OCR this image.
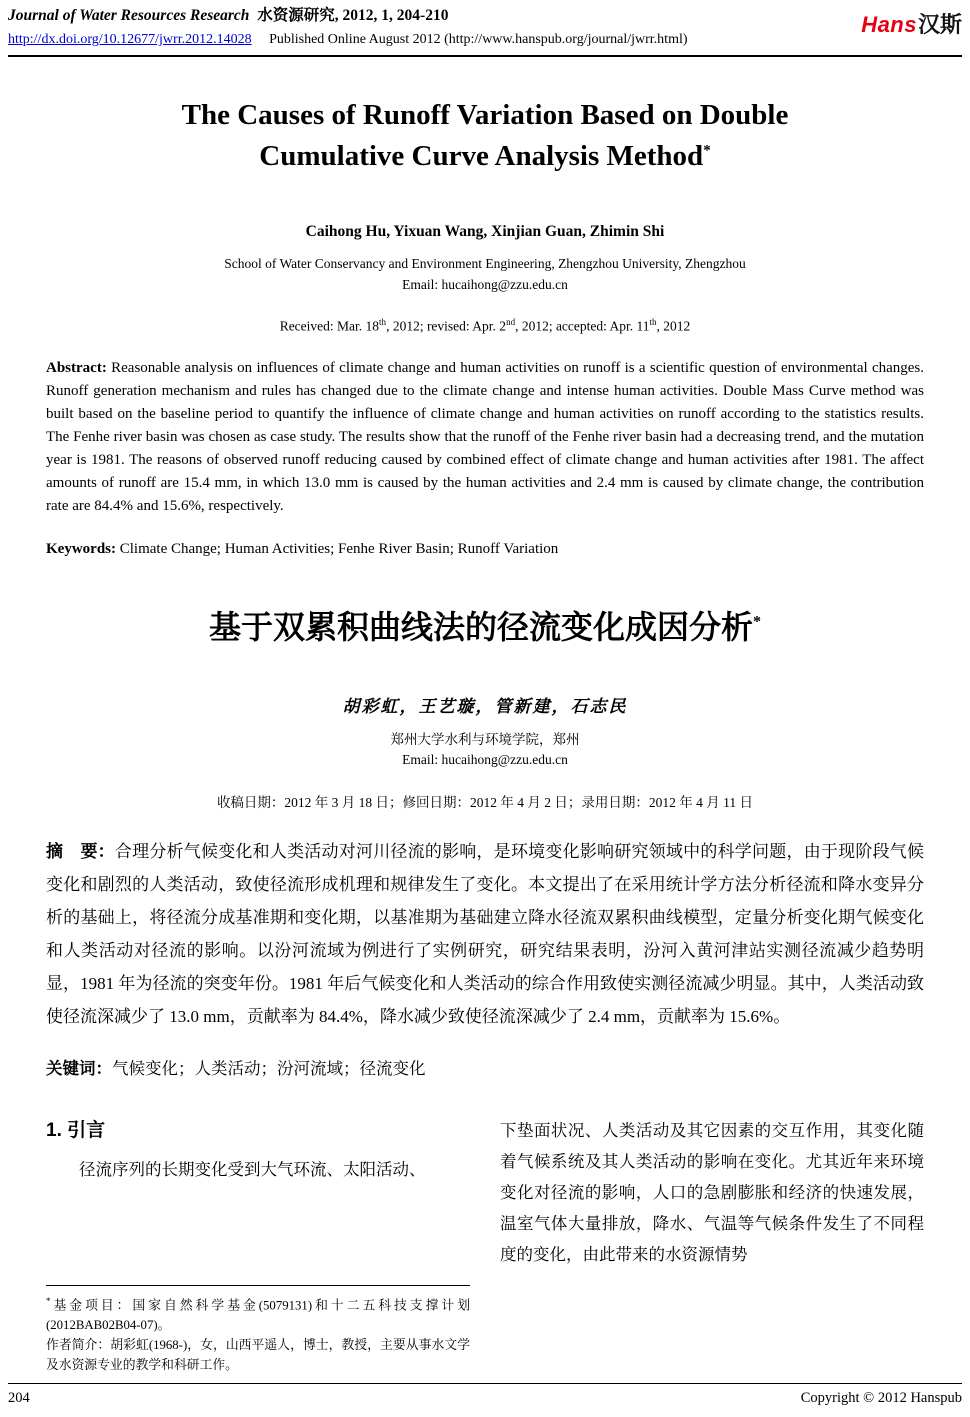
Journal of Water Resources Research 水资源研究, 2012, 1, 204-210
http://dx.doi.org/10.12677/jwrr.2012.14028 Published Online August 2012 (http://www.hanspub.org/journal/jwrr.html)
Hans汉斯
The Causes of Runoff Variation Based on Double
Cumulative Curve Analysis Method*
Caihong Hu, Yixuan Wang, Xinjian Guan, Zhimin Shi
School of Water Conservancy and Environment Engineering, Zhengzhou University, Zhengzhou
Email: hucaihong@zzu.edu.cn
Received: Mar. 18th, 2012; revised: Apr. 2nd, 2012; accepted: Apr. 11th, 2012

Abstract: Reasonable analysis on influences of climate change and human activities on runoff is a scientific question of environmental changes. Runoff generation mechanism and rules has changed due to the climate change and intense human activities. Double Mass Curve method was built based on the baseline period to quantify the influence of climate change and human activities on runoff according to the statistics results. The Fenhe river basin was chosen as case study. The results show that the runoff of the Fenhe river basin had a decreasing trend, and the mutation year is 1981. The reasons of observed runoff reducing caused by combined effect of climate change and human activities after 1981. The affect amounts of runoff are 15.4 mm, in which 13.0 mm is caused by the human activities and 2.4 mm is caused by climate change, the contribution rate are 84.4% and 15.6%, respectively.

Keywords: Climate Change; Human Activities; Fenhe River Basin; Runoff Variation

基于双累积曲线法的径流变化成因分析*
胡彩虹，王艺璇，管新建，石志民
郑州大学水利与环境学院，郑州
Email: hucaihong@zzu.edu.cn
收稿日期：2012 年 3 月 18 日；修回日期：2012 年 4 月 2 日；录用日期：2012 年 4 月 11 日

摘　要：合理分析气候变化和人类活动对河川径流的影响，是环境变化影响研究领域中的科学问题，由于现阶段气候变化和剧烈的人类活动，致使径流形成机理和规律发生了变化。本文提出了在采用统计学方法分析径流和降水变异分析的基础上，将径流分成基准期和变化期，以基准期为基础建立降水径流双累积曲线模型，定量分析变化期气候变化和人类活动对径流的影响。以汾河流域为例进行了实例研究，研究结果表明，汾河入黄河津站实测径流减少趋势明显，1981 年为径流的突变年份。1981 年后气候变化和人类活动的综合作用致使实测径流减少明显。其中，人类活动致使径流深减少了 13.0 mm，贡献率为 84.4%，降水减少致使径流深减少了 2.4 mm，贡献率为 15.6%。

关键词：气候变化；人类活动；汾河流域；径流变化

1. 引言

径流序列的长期变化受到大气环流、太阳活动、

*基金项目：国家自然科学基金(5079131)和十二五科技支撑计划(2012BAB02B04-07)。

作者简介：胡彩虹(1968-)，女，山西平遥人，博士，教授，主要从事水文学及水资源专业的教学和科研工作。

下垫面状况、人类活动及其它因素的交互作用，其变化随着气候系统及其人类活动的影响在变化。尤其近年来环境变化对径流的影响，人口的急剧膨胀和经济的快速发展，温室气体大量排放，降水、气温等气候条件发生了不同程度的变化，由此带来的水资源情势

204	Copyright © 2012 Hanspub
